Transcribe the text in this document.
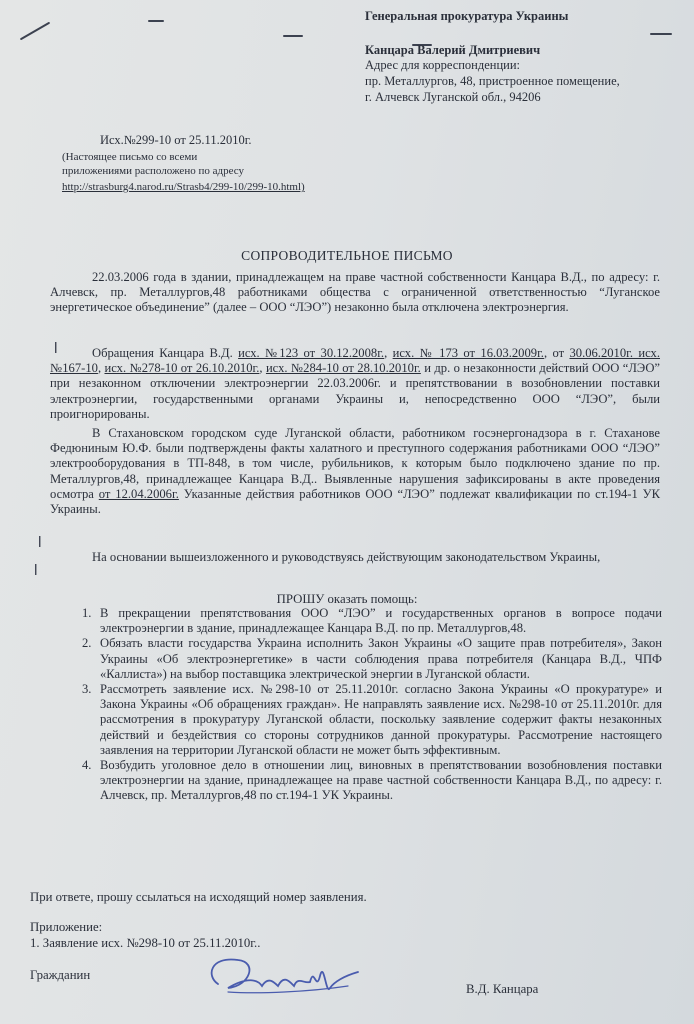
Генеральная прокуратура Украины
Канцара Валерий Дмитриевич
Адрес для корреспонденции:
пр. Металлургов, 48, пристроенное помещение,
г. Алчевск Луганской обл., 94206
Исх.№299-10 от 25.11.2010г.
(Настоящее письмо со всеми
приложениями расположено по адресу
http://strasburg4.narod.ru/Strasb4/299-10/299-10.html)
СОПРОВОДИТЕЛЬНОЕ ПИСЬМО
22.03.2006 года в здании, принадлежащем на праве частной собственности Канцара В.Д., по адресу: г. Алчевск, пр. Металлургов,48 работниками общества с ограниченной ответственностью “Луганское энергетическое объединение” (далее – ООО “ЛЭО”) незаконно была отключена электроэнергия.
Обращения Канцара В.Д. исх. №123 от 30.12.2008г., исх. № 173 от 16.03.2009г., от 30.06.2010г. исх. №167-10, исх. №278-10 от 26.10.2010г., исх. №284-10 от 28.10.2010г. и др. о незаконности действий ООО “ЛЭО” при незаконном отключении электроэнергии 22.03.2006г. и препятствовании в возобновлении поставки электроэнергии, государственными органами Украины и, непосредственно ООО “ЛЭО”, были проигнорированы.
В Стахановском городском суде Луганской области, работником госэнергонадзора в г. Стаханове Федюниным Ю.Ф. были подтверждены факты халатного и преступного содержания работниками ООО “ЛЭО” электрооборудования в ТП-848, в том числе, рубильников, к которым было подключено здание по пр. Металлургов,48, принадлежащее Канцара В.Д.. Выявленные нарушения зафиксированы в акте проведения осмотра от 12.04.2006г. Указанные действия работников ООО “ЛЭО” подлежат квалификации по ст.194-1 УК Украины.
На основании вышеизложенного и руководствуясь действующим законодательством Украины,
ǀ
ǀ
ǀ
ПРОШУ оказать помощь:
1. В прекращении препятствования ООО “ЛЭО” и государственных органов в вопросе подачи электроэнергии в здание, принадлежащее Канцара В.Д. по пр. Металлургов,48.
2. Обязать власти государства Украина исполнить Закон Украины «О защите прав потребителя», Закон Украины «Об электроэнергетике» в части соблюдения права потребителя (Канцара В.Д., ЧПФ «Каллиста») на выбор поставщика электрической энергии в Луганской области.
3. Рассмотреть заявление исх. №298-10 от 25.11.2010г. согласно Закона Украины «О прокуратуре» и Закона Украины «Об обращениях граждан». Не направлять заявление исх. №298-10 от 25.11.2010г. для рассмотрения в прокуратуру Луганской области, поскольку заявление содержит факты незаконных действий и бездействия со стороны сотрудников данной прокуратуры. Рассмотрение настоящего заявления на территории Луганской области не может быть эффективным.
4. Возбудить уголовное дело в отношении лиц, виновных в препятствовании возобновления поставки электроэнергии на здание, принадлежащее на праве частной собственности Канцара В.Д., по адресу: г. Алчевск, пр. Металлургов,48 по ст.194-1 УК Украины.
При ответе, прошу ссылаться на исходящий номер заявления.
Приложение:
1. Заявление исх. №298-10 от 25.11.2010г..
Гражданин
В.Д. Канцара
